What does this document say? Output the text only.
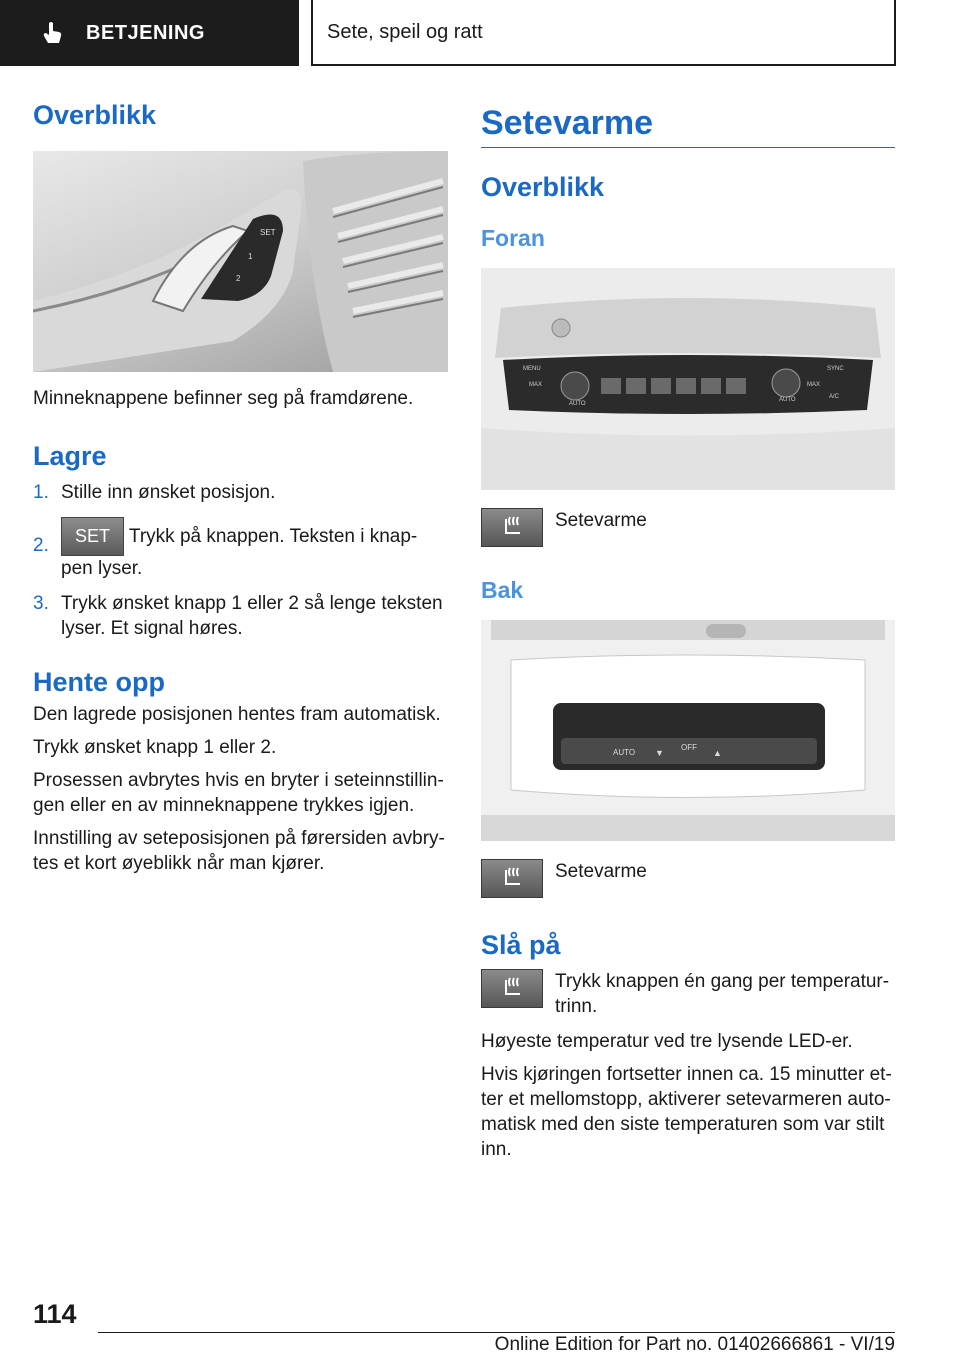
BETJENING	Sete, speil og ratt
Overblikk
SET
1
2

Minneknappene befinner seg på framdørene.

Lagre
1. Stille inn ønsket posisjon.
2. SET Trykk på knappen. Teksten i knap‐
pen lyser.
3. Trykk ønsket knapp 1 eller 2 så lenge teksten lyser. Et signal høres.
Hente opp

Den lagrede posisjonen hentes fram automatisk.

Trykk ønsket knapp 1 eller 2.

Prosessen avbrytes hvis en bryter i seteinnstillin‐gen eller en av minneknappene trykkes igjen.

Innstilling av seteposisjonen på førersiden avbry‐tes et kort øyeblikk når man kjører.

Setevarme
Overblikk
Foran
MENU
MAX
AUTO
AUTO
MAX
SYNC
A/C

Setevarme

Bak
AUTO
OFF
▼	▲

Setevarme

Slå på

Trykk knappen én gang per temperatur‐trinn.

Høyeste temperatur ved tre lysende LED-er.

Hvis kjøringen fortsetter innen ca. 15 minutter et‐ter et mellomstopp, aktiverer setevarmeren auto‐matisk med den siste temperaturen som var stilt inn.

114
Online Edition for Part no. 01402666861 - VI/19
